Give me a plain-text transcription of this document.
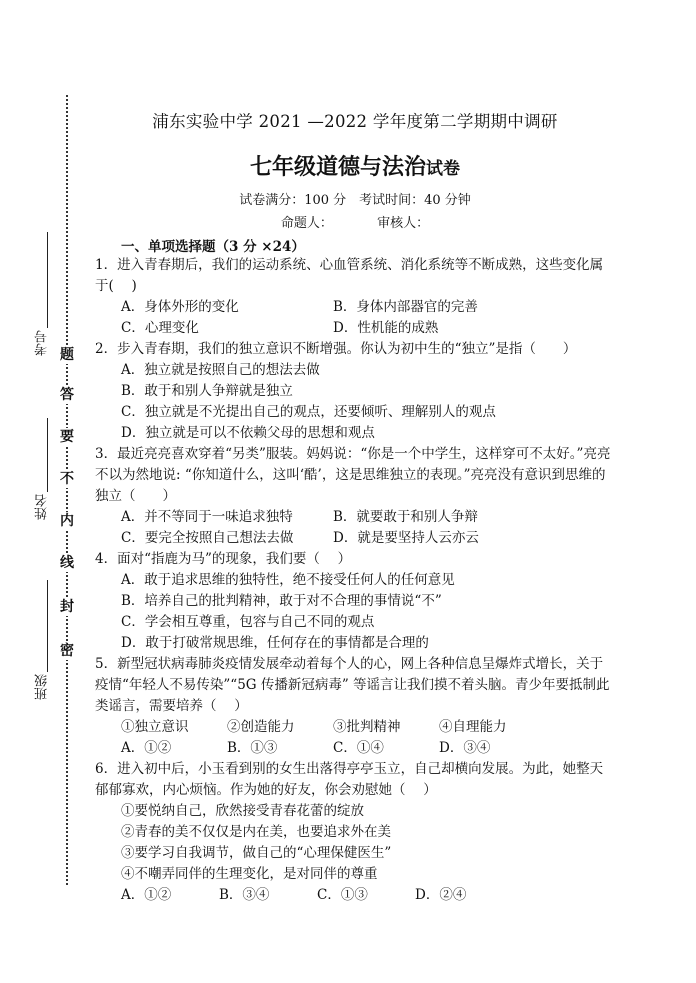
题
答
要
不
内
线
封
密
考号
姓名
班级
浦东实验中学 2021 —2022 学年度第二学期期中调研
七年级道德与法治试卷
试卷满分：100 分　考试时间：40 分钟
命题人：	审核人：
一、单项选择题（3 分 ×24）
1．进入青春期后，我们的运动系统、心血管系统、消化系统等不断成熟，这些变化属于(　 )
A．身体外形的变化	B．身体内部器官的完善
C．心理变化	D．性机能的成熟
2．步入青春期，我们的独立意识不断增强。你认为初中生的“独立”是指（　　）
A．独立就是按照自己的想法去做
B．敢于和别人争辩就是独立
C．独立就是不光提出自己的观点，还要倾听、理解别人的观点
D．独立就是可以不依赖父母的思想和观点
3．最近亮亮喜欢穿着“另类”服装。妈妈说：“你是一个中学生，这样穿可不太好。”亮亮不以为然地说: “你知道什么，这叫‘酷’，这是思维独立的表现。”亮亮没有意识到思维的独立（　　）
A．并不等同于一味追求独特	B．就要敢于和别人争辩
C．要完全按照自己想法去做	D．就是要坚持人云亦云
4．面对“指鹿为马”的现象，我们要（　 ）
A．敢于追求思维的独特性，绝不接受任何人的任何意见
B．培养自己的批判精神，敢于对不合理的事情说“不”
C．学会相互尊重，包容与自己不同的观点
D．敢于打破常规思维，任何存在的事情都是合理的
5．新型冠状病毒肺炎疫情发展牵动着每个人的心，网上各种信息呈爆炸式增长，关于疫情“年轻人不易传染”“5G 传播新冠病毒” 等谣言让我们摸不着头脑。青少年要抵制此类谣言，需要培养（　 ）
①独立意识	②创造能力	③批判精神	④自理能力
A．①②	B．①③	C．①④	D．③④
6．进入初中后，小玉看到别的女生出落得亭亭玉立，自己却横向发展。为此，她整天郁郁寡欢，内心烦恼。作为她的好友，你会劝慰她（　 ）
①要悦纳自己，欣然接受青春花蕾的绽放
②青春的美不仅仅是内在美，也要追求外在美
③要学习自我调节，做自己的“心理保健医生”
④不嘲弄同伴的生理变化，是对同伴的尊重
A．①②	B．③④	C．①③	D．②④
